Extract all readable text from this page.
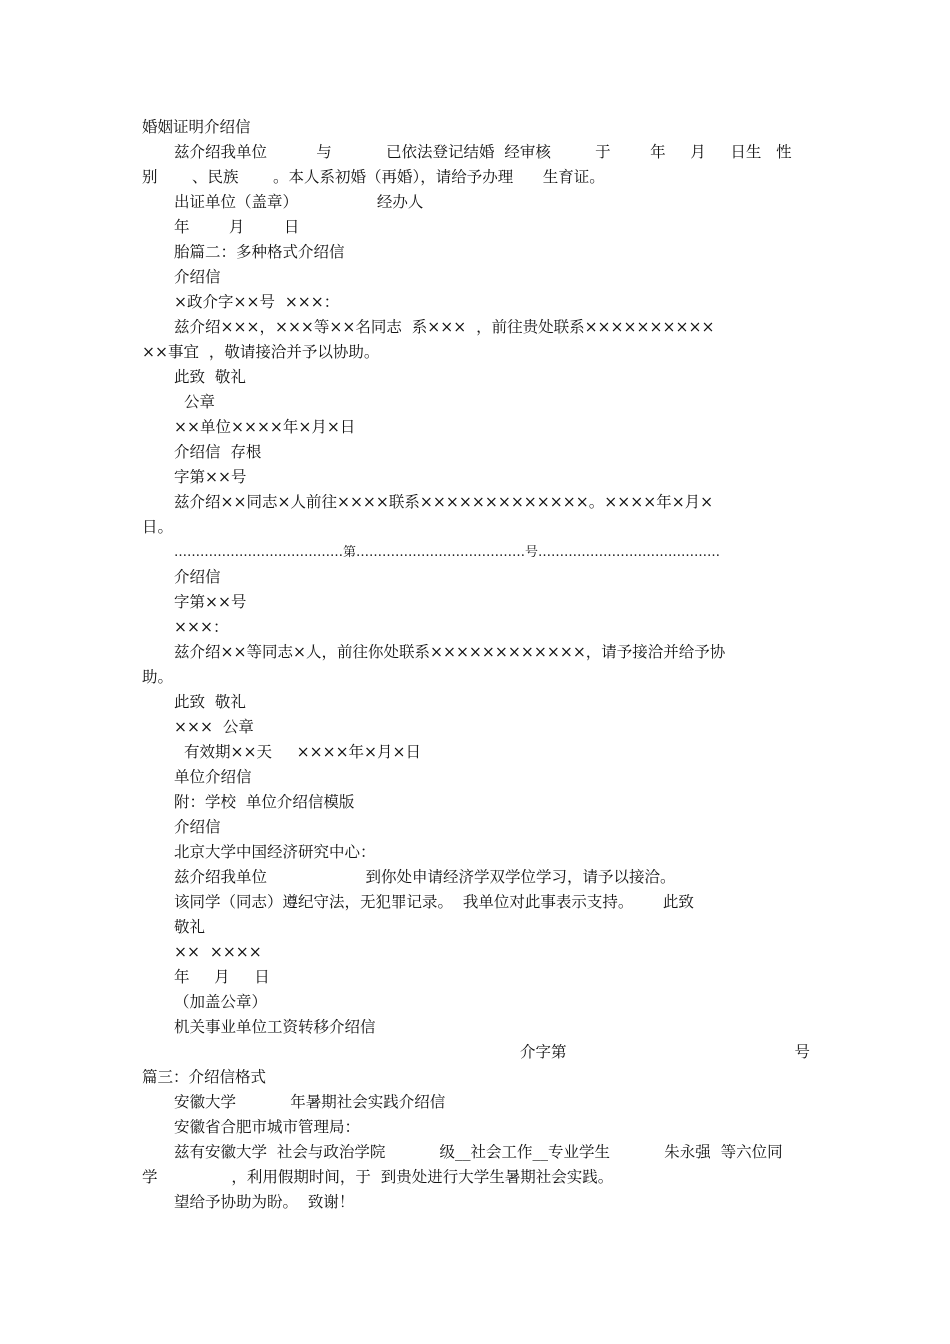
婚姻证明介绍信
兹介绍我单位          与           已依法登记结婚  经审核         于        年     月     日生   性
别       、民族       。本人系初婚（再婚），请给予办理      生育证。
出证单位（盖章）                经办人
年        月        日
胎篇二：多种格式介绍信
介绍信
×政介字××号  ×××：
兹介绍×××，×××等××名同志  系×××  ，前往贵处联系××××××××××
××事宜  ，敬请接洽并予以协助。
此致  敬礼
公章
××单位××××年×月×日
介绍信  存根
字第××号
兹介绍××同志×人前往××××联系×××××××××××××。××××年×月×
日。
…………………………………第…………………………………号……………………………………
介绍信
字第××号
×××：
兹介绍××等同志×人，前往你处联系××××××××××××，请予接洽并给予协
助。
此致  敬礼
×××  公章
有效期××天     ××××年×月×日
单位介绍信
附：学校  单位介绍信模版
介绍信
北京大学中国经济研究中心：
兹介绍我单位                    到你处申请经济学双学位学习，请予以接洽。
该同学（同志）遵纪守法，无犯罪记录。  我单位对此事表示支持。      此致
敬礼
××  ××××
年     月     日
（加盖公章）
机关事业单位工资转移介绍信
介 字 第	号
篇三：介绍信格式
安徽大学           年暑期社会实践介绍信
安徽省合肥市城市管理局：
兹有安徽大学  社会与政治学院           级__社会工作__专业学生           朱永强  等六位同
学               ，利用假期时间，于  到贵处进行大学生暑期社会实践。
望给予协助为盼。  致谢！
